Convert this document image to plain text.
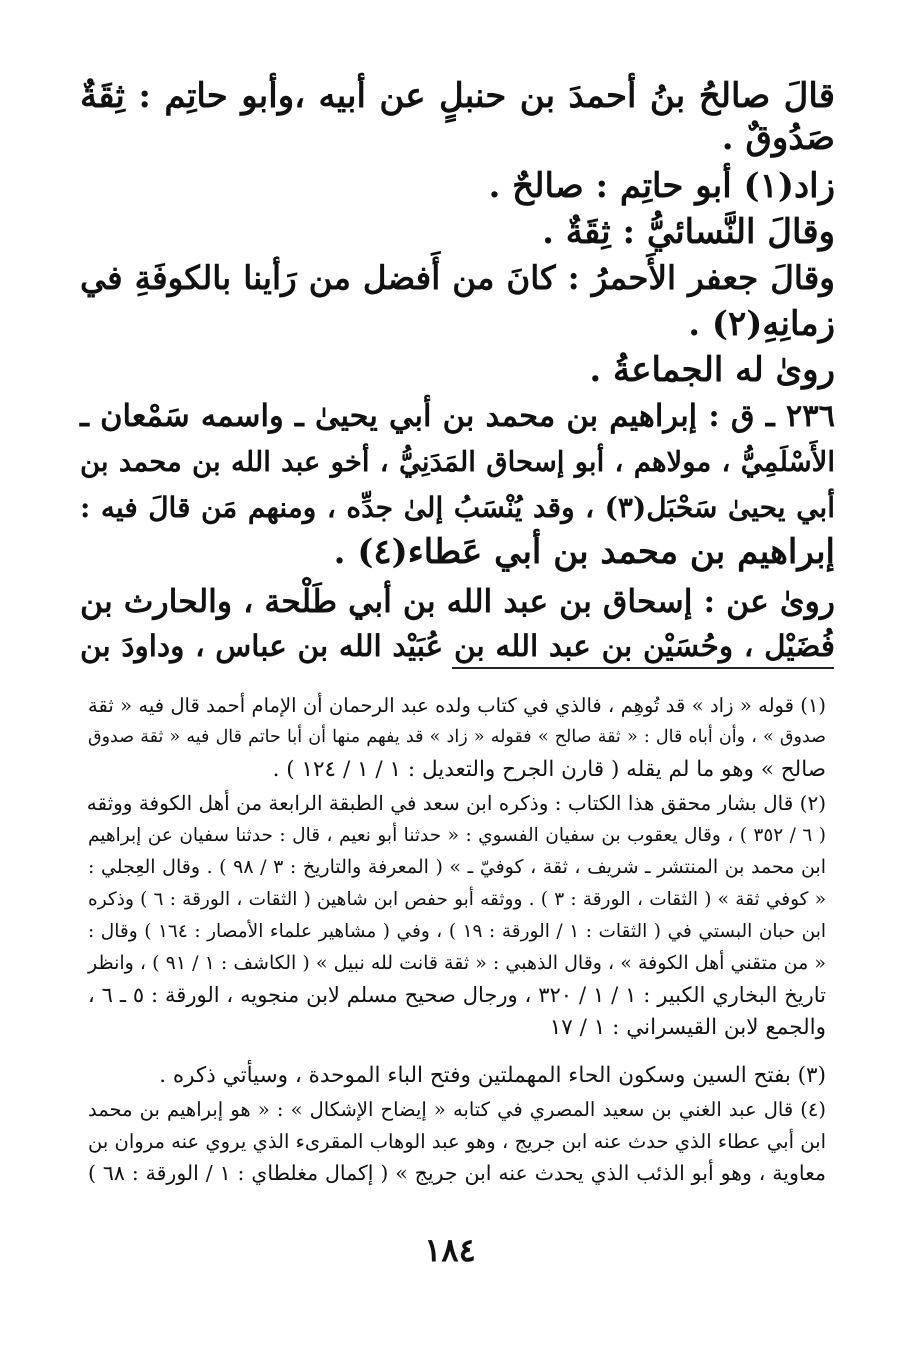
قالَ صالحُ بنُ أحمدَ بن حنبلٍ عن أبيه ،وأبو حاتِم : ثِقَةٌ
صَدُوقٌ .
زاد(١) أبو حاتِم : صالحٌ .
وقالَ النَّسائيُّ : ثِقَةٌ .
وقالَ جعفر الأَحمرُ : كانَ من أَفضل من رَأينا بالكوفَةِ في
زمانِهِ(٢) .
روىٰ له الجماعةُ .
٢٣٦ ـ ق : إبراهيم بن محمد بن أبي يحيىٰ ـ واسمه سَمْعان ـ
الأَسْلَمِيُّ ، مولاهم ، أبو إسحاق المَدَنِيُّ ، أخو عبد الله بن محمد بن
أبي يحيىٰ سَحْبَل(٣) ، وقد يُنْسَبُ إلىٰ جدِّه ، ومنهم مَن قالَ فيه :
إبراهيم بن محمد بن أبي عَطاء(٤) .
روىٰ عن : إسحاق بن عبد الله بن أبي طَلْحة ، والحارث بن
فُضَيْل ، وحُسَيْن بن عبد الله بن عُبَيْد الله بن عباس ، وداودَ بن
(١) قوله « زاد » قد تُوهِم ، فالذي في كتاب ولده عبد الرحمان أن الإمام أحمد قال فيه « ثقة
صدوق » ، وأن أباه قال : « ثقة صالح » فقوله « زاد » قد يفهم منها أن أبا حاتم قال فيه « ثقة صدوق
صالح » وهو ما لم يقله ( قارن الجرح والتعديل : ١ / ١ / ١٢٤ ) .
(٢) قال بشار محقق هذا الكتاب : وذكره ابن سعد في الطبقة الرابعة من أهل الكوفة ووثقه
( ٦ / ٣٥٢ ) ، وقال يعقوب بن سفيان الفسوي : « حدثنا أبو نعيم ، قال : حدثنا سفيان عن إبراهيم
ابن محمد بن المنتشر ـ شريف ، ثقة ، كوفيّ ـ » ( المعرفة والتاريخ : ٣ / ٩٨ ) . وقال العِجلي :
« كوفي ثقة » ( الثقات ، الورقة : ٣ ) . ووثقه أبو حفص ابن شاهين ( الثقات ، الورقة : ٦ ) وذكره
ابن حبان البستي في ( الثقات : ١ / الورقة : ١٩ ) ، وفي ( مشاهير علماء الأمصار : ١٦٤ ) وقال :
« من متقني أهل الكوفة » ، وقال الذهبي : « ثقة قانت لله نبيل » ( الكاشف : ١ / ٩١ ) ، وانظر
تاريخ البخاري الكبير : ١ / ١ / ٣٢٠ ، ورجال صحيح مسلم لابن منجويه ، الورقة : ٥ ـ ٦ ،
والجمع لابن القيسراني : ١ / ١٧
(٣) بفتح السين وسكون الحاء المهملتين وفتح الباء الموحدة ، وسيأتي ذكره .
(٤) قال عبد الغني بن سعيد المصري في كتابه « إيضاح الإشكال » : « هو إبراهيم بن محمد
ابن أبي عطاء الذي حدث عنه ابن جريج ، وهو عبد الوهاب المقرىء الذي يروي عنه مروان بن
معاوية ، وهو أبو الذئب الذي يحدث عنه ابن جريج » ( إكمال مغلطاي : ١ / الورقة : ٦٨ )
١٨٤
